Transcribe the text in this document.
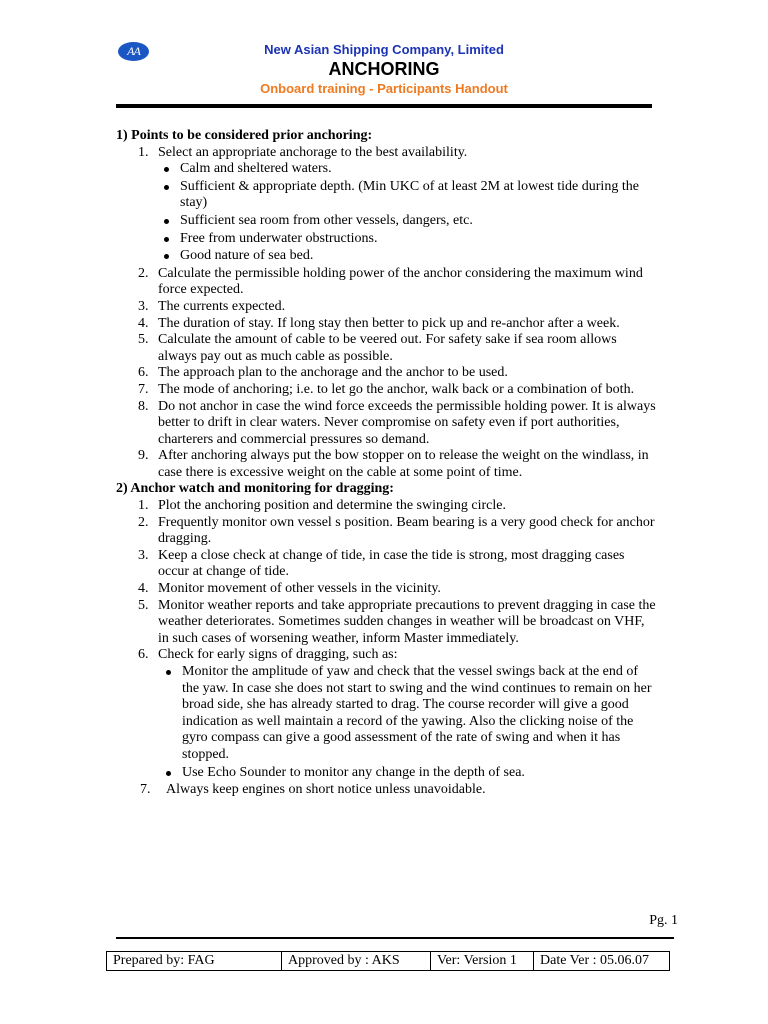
AA	New Asian Shipping Company, Limited
ANCHORING
Onboard training - Participants Handout

1) Points to be considered prior anchoring:

1. Select an appropriate anchorage to the best availability.
Calm and sheltered waters.
Sufficient & appropriate depth. (Min UKC of at least 2M at lowest tide during the stay)
Sufficient sea room from other vessels, dangers, etc.
Free from underwater obstructions.
Good nature of sea bed.
2. Calculate the permissible holding power of the anchor considering the maximum wind force expected.
3. The currents expected.
4. The duration of stay. If long stay then better to pick up and re-anchor after a week.
5. Calculate the amount of cable to be veered out. For safety sake if sea room allows always pay out as much cable as possible.
6. The approach plan to the anchorage and the anchor to be used.
7. The mode of anchoring; i.e. to let go the anchor, walk back or a combination of both.
8. Do not anchor in case the wind force exceeds the permissible holding power. It is always better to drift in clear waters. Never compromise on safety even if port authorities, charterers and commercial pressures so demand.
9. After anchoring always put the bow stopper on to release the weight on the windlass, in case there is excessive weight on the cable at some point of time.

2) Anchor watch and monitoring for dragging:

1. Plot the anchoring position and determine the swinging circle.
2. Frequently monitor own vessel s position. Beam bearing is a very good check for anchor dragging.
3. Keep a close check at change of tide, in case the tide is strong, most dragging cases occur at change of tide.
4. Monitor movement of other vessels in the vicinity.
5. Monitor weather reports and take appropriate precautions to prevent dragging in case the weather deteriorates. Sometimes sudden changes in weather will be broadcast on VHF, in such cases of worsening weather, inform Master immediately.
6. Check for early signs of dragging, such as:
Monitor the amplitude of yaw and check that the vessel swings back at the end of the yaw. In case she does not start to swing and the wind continues to remain on her broad side, she has already started to drag. The course recorder will give a good indication as well maintain a record of the yawing. Also the clicking noise of the gyro compass can give a good assessment of the rate of swing and when it has stopped.
Use Echo Sounder to monitor any change in the depth of sea.
7. Always keep engines on short notice unless unavoidable.
Pg. 1
Prepared by: FAG	Approved by : AKS	Ver: Version 1	Date Ver : 05.06.07
